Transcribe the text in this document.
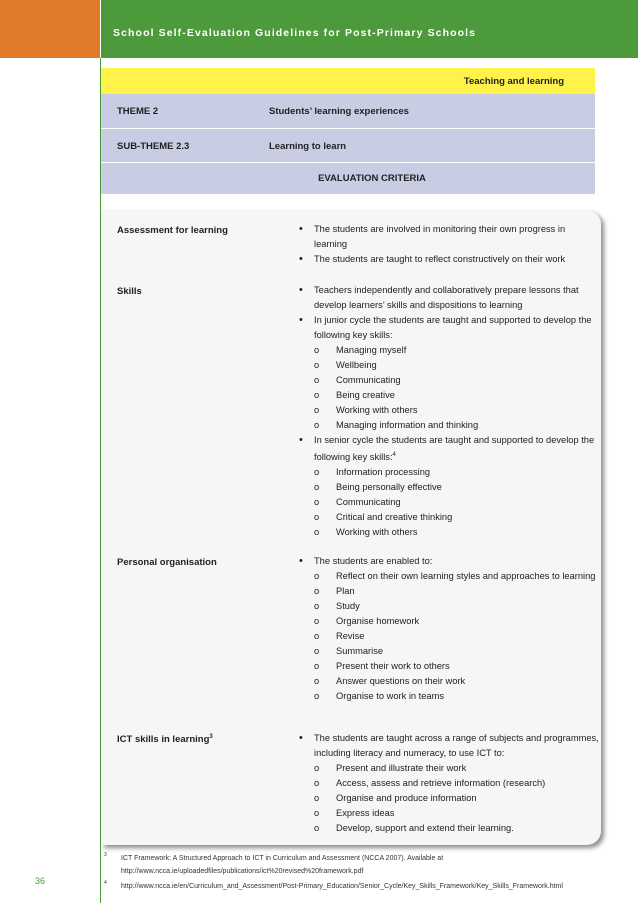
School Self-Evaluation Guidelines for Post-Primary Schools
Teaching and learning
THEME 2	Students’ learning experiences
SUB-THEME 2.3	Learning to learn
EVALUATION CRITERIA
Assessment for learning	• The students are involved in monitoring their own progress in learning
• The students are taught to reflect constructively on their work
Skills	• Teachers independently and collaboratively prepare lessons that develop learners’ skills and dispositions to learning
• In junior cycle the students are taught and supported to develop the following key skills:
o Managing myself
o Wellbeing
o Communicating
o Being creative
o Working with others
o Managing information and thinking
• In senior cycle the students are taught and supported to develop the following key skills:$^4$
o Information processing
o Being personally effective
o Communicating
o Critical and creative thinking
o Working with others
Personal organisation	• The students are enabled to:
o Reflect on their own learning styles and approaches to learning
o Plan
o Study
o Organise homework
o Revise
o Summarise
o Present their work to others
o Answer questions on their work
o Organise to work in teams
ICT skills in learning$^3$	• The students are taught across a range of subjects and programmes, including literacy and numeracy, to use ICT to:
o Present and illustrate their work
o Access, assess and retrieve information (research)
o Organise and produce information
o Express ideas
o Develop, support and extend their learning.
3 ICT Framework: A Structured Approach to ICT in Curriculum and Assessment (NCCA 2007). Available at http://www.ncca.ie/uploadedfiles/publications/ict%20revised%20framework.pdf
4 http://www.ncca.ie/en/Curriculum_and_Assessment/Post-Primary_Education/Senior_Cycle/Key_Skills_Framework/Key_Skills_Framework.html
36
